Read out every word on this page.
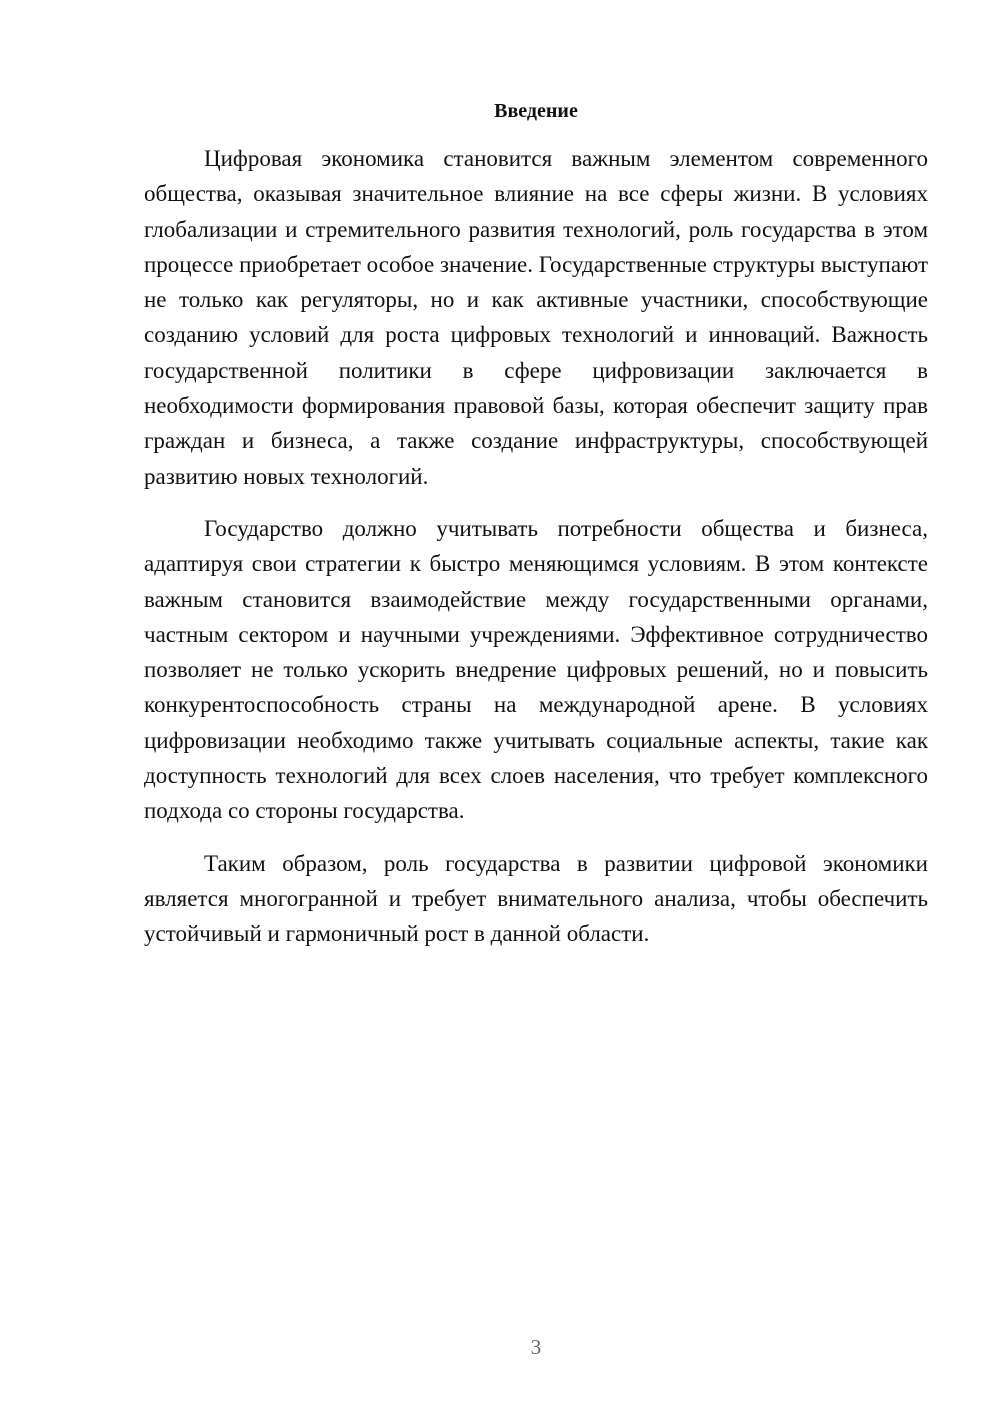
Введение

Цифровая экономика становится важным элементом современного общества, оказывая значительное влияние на все сферы жизни. В условиях глобализации и стремительного развития технологий, роль государства в этом процессе приобретает особое значение. Государственные структуры выступают не только как регуляторы, но и как активные участники, способствующие созданию условий для роста цифровых технологий и инноваций. Важность государственной политики в сфере цифровизации заключается в необходимости формирования правовой базы, которая обеспечит защиту прав граждан и бизнеса, а также создание инфраструктуры, способствующей развитию новых технологий.

Государство должно учитывать потребности общества и бизнеса, адаптируя свои стратегии к быстро меняющимся условиям. В этом контексте важным становится взаимодействие между государственными органами, частным сектором и научными учреждениями. Эффективное сотрудничество позволяет не только ускорить внедрение цифровых решений, но и повысить конкурентоспособность страны на международной арене. В условиях цифровизации необходимо также учитывать социальные аспекты, такие как доступность технологий для всех слоев населения, что требует комплексного подхода со стороны государства.

Таким образом, роль государства в развитии цифровой экономики является многогранной и требует внимательного анализа, чтобы обеспечить устойчивый и гармоничный рост в данной области.

3
